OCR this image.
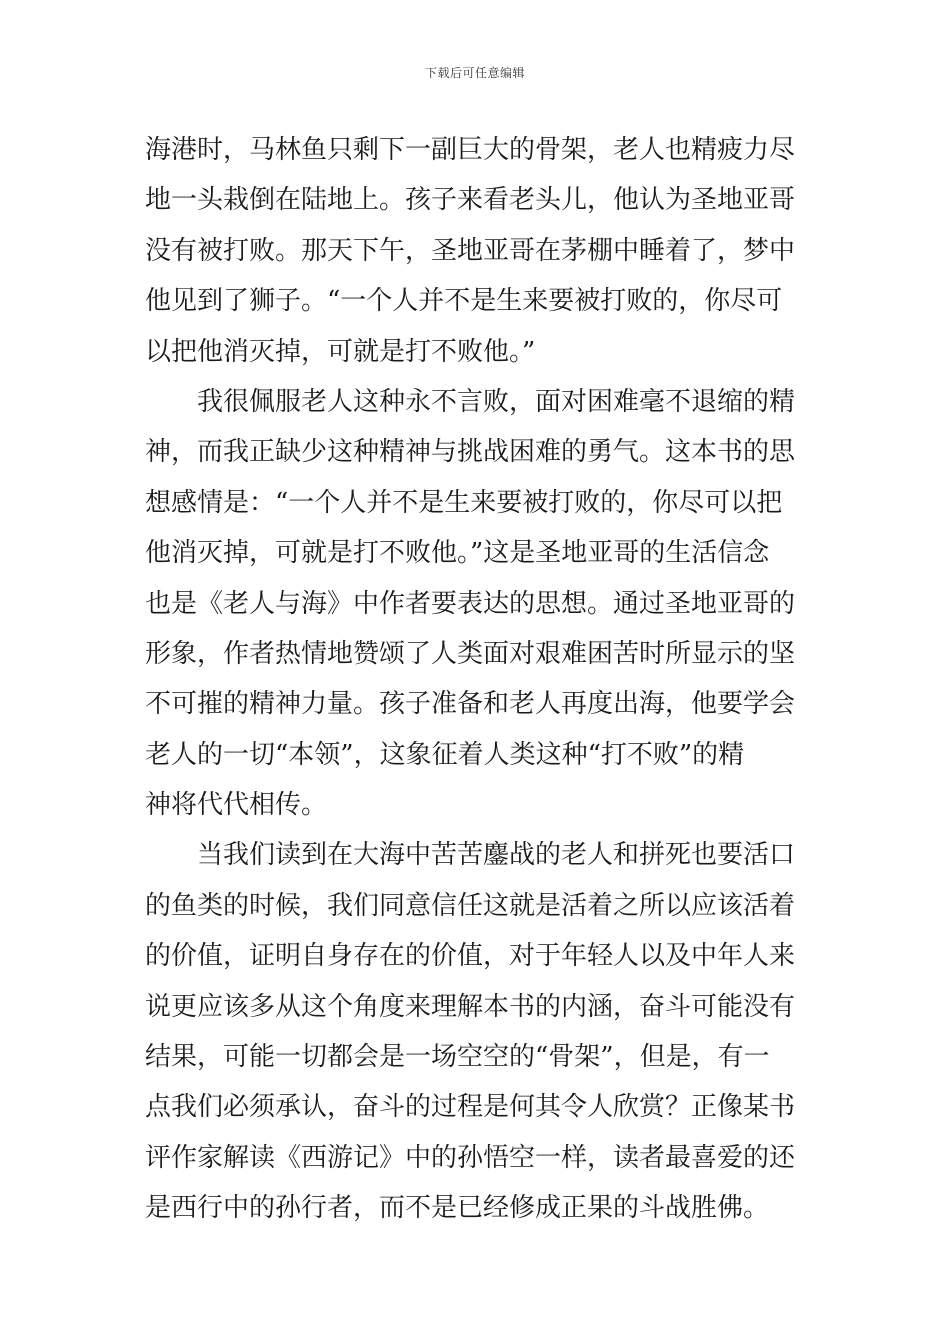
下载后可任意编辑
海港时，马林鱼只剩下一副巨大的骨架，老人也精疲力尽
地一头栽倒在陆地上。孩子来看老头儿，他认为圣地亚哥
没有被打败。那天下午，圣地亚哥在茅棚中睡着了，梦中
他见到了狮子。“一个人并不是生来要被打败的，你尽可
以把他消灭掉，可就是打不败他。”
我很佩服老人这种永不言败，面对困难毫不退缩的精
神，而我正缺少这种精神与挑战困难的勇气。这本书的思
想感情是：“一个人并不是生来要被打败的，你尽可以把
他消灭掉，可就是打不败他。”这是圣地亚哥的生活信念
也是《老人与海》中作者要表达的思想。通过圣地亚哥的
形象，作者热情地赞颂了人类面对艰难困苦时所显示的坚
不可摧的精神力量。孩子准备和老人再度出海，他要学会
老人的一切“本领”，这象征着人类这种“打不败”的精
神将代代相传。
当我们读到在大海中苦苦鏖战的老人和拼死也要活口
的鱼类的时候，我们同意信任这就是活着之所以应该活着
的价值，证明自身存在的价值，对于年轻人以及中年人来
说更应该多从这个角度来理解本书的内涵，奋斗可能没有
结果，可能一切都会是一场空空的“骨架”，但是，有一
点我们必须承认，奋斗的过程是何其令人欣赏？正像某书
评作家解读《西游记》中的孙悟空一样，读者最喜爱的还
是西行中的孙行者，而不是已经修成正果的斗战胜佛。
